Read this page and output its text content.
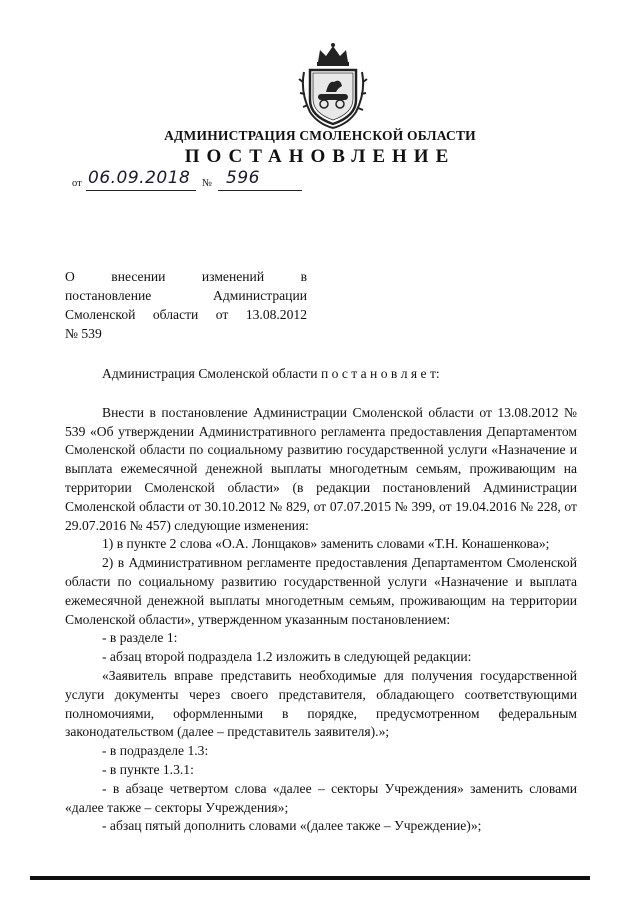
АДМИНИСТРАЦИЯ СМОЛЕНСКОЙ ОБЛАСТИ
ПОСТАНОВЛЕНИЕ
от 06.09.2018 № 596
О внесении изменений в
постановление Администрации
Смоленской области от 13.08.2012
№ 539

Администрация Смоленской области п о с т а н о в л я е т:

Внести в постановление Администрации Смоленской области от 13.08.2012 № 539 «Об утверждении Административного регламента предоставления Департаментом Смоленской области по социальному развитию государственной услуги «Назначение и выплата ежемесячной денежной выплаты многодетным семьям, проживающим на территории Смоленской области» (в редакции постановлений Администрации Смоленской области от 30.10.2012 № 829, от 07.07.2015 № 399, от 19.04.2016 № 228, от 29.07.2016 № 457) следующие изменения:

1) в пункте 2 слова «О.А. Лонщаков» заменить словами «Т.Н. Конашенкова»;

2) в Административном регламенте предоставления Департаментом Смоленской области по социальному развитию государственной услуги «Назначение и выплата ежемесячной денежной выплаты многодетным семьям, проживающим на территории Смоленской области», утвержденном указанным постановлением:

- в разделе 1:

- абзац второй подраздела 1.2 изложить в следующей редакции:

«Заявитель вправе представить необходимые для получения государственной услуги документы через своего представителя, обладающего соответствующими полномочиями, оформленными в порядке, предусмотренном федеральным законодательством (далее – представитель заявителя).»;

- в подразделе 1.3:

- в пункте 1.3.1:

- в абзаце четвертом слова «далее – секторы Учреждения» заменить словами «далее также – секторы Учреждения»;

- абзац пятый дополнить словами «(далее также – Учреждение)»;
